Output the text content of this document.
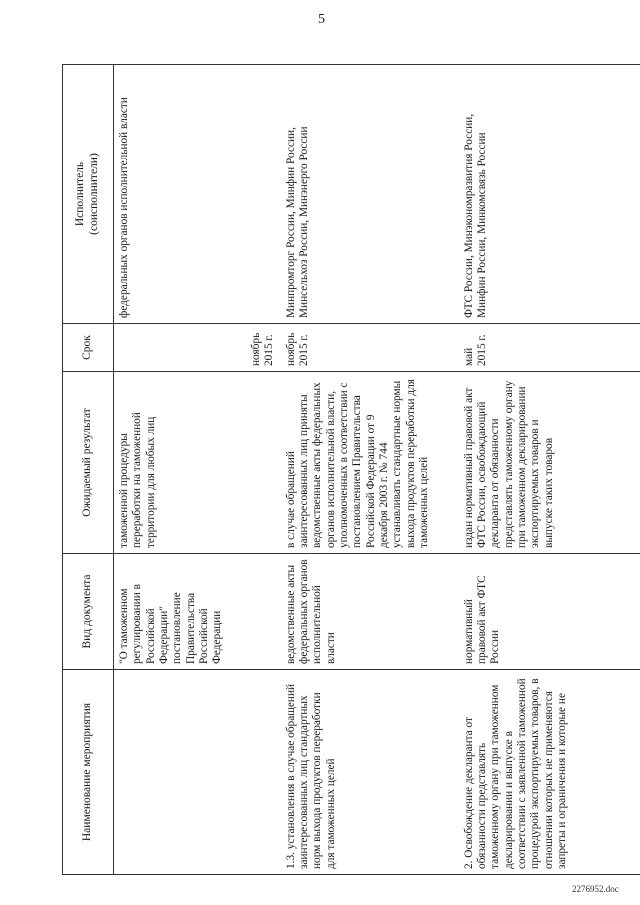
5
Наименование мероприятия	Вид документа	Ожидаемый результат	Срок	Исполнитель (соисполнители)
	"О таможенном регулировании в Российской Федерации" постановление Правительства Российской Федерации	таможенной процедуры переработки на таможенной территории для любых лиц	ноябрь 2015 г.	федеральных органов исполнительной власти
1.3. установления в случае обращений заинтересованных лиц стандартных норм выхода продуктов переработки для таможенных целей	ведомственные акты федеральных органов исполнительной власти	в случае обращений заинтересованных лиц приняты ведомственные акты федеральных органов исполнительной власти, уполномоченных в соответствии с постановлением Правительства Российской Федерации от 9 декабря 2003 г. № 744 устанавливать стандартные нормы выхода продуктов переработки для таможенных целей	ноябрь 2015 г.	Минпромторг России, Минфин России, Минсельхоз России, Минэнерго России
2. Освобождение декларанта от обязанности представлять таможенному органу при таможенном декларировании и выпуске в соответствии с заявленной таможенной процедурой экспортируемых товаров, в отношении которых не применяются запреты и ограничения и которые не	нормативный правовой акт ФТС России	издан нормативный правовой акт ФТС России, освобождающий декларанта от обязанности представлять таможенному органу при таможенном декларировании экспортируемых товаров и выпуске таких товаров	май 2015 г.	ФТС России, Минэкономразвития России, Минфин России, Минкомсвязь России
2276952.doc
